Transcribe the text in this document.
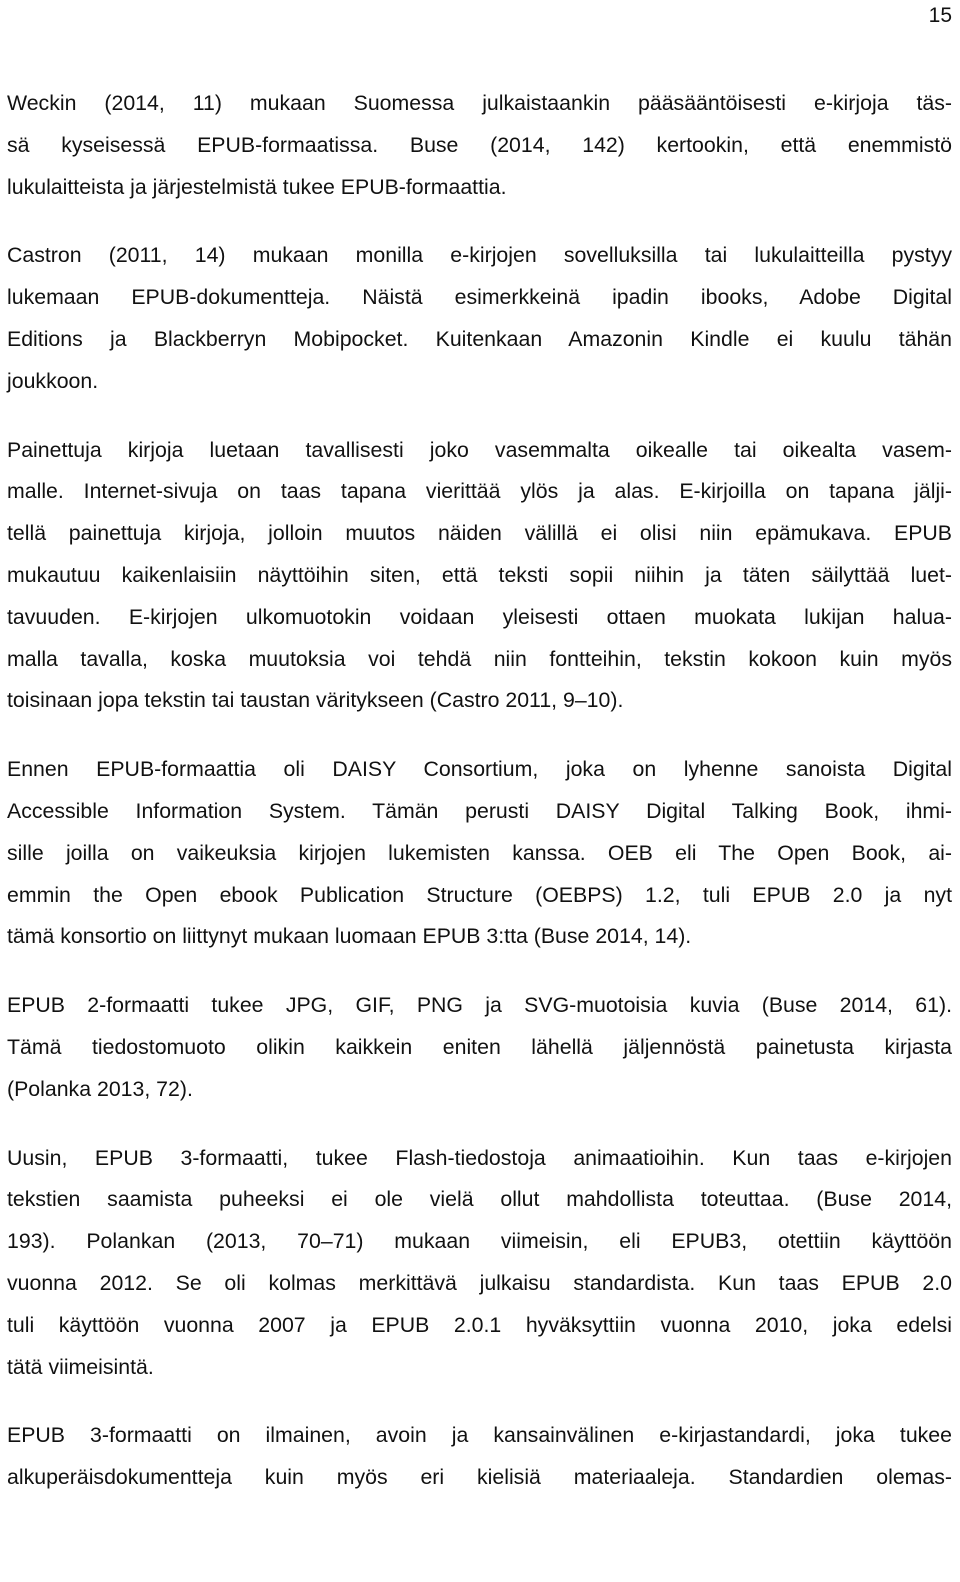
15

Weckin (2014, 11) mukaan Suomessa julkaistaankin pääsääntöisesti e-kirjoja täs-
sä kyseisessä EPUB-formaatissa. Buse (2014, 142) kertookin, että enemmistö
lukulaitteista ja järjestelmistä tukee EPUB-formaattia.

Castron (2011, 14) mukaan monilla e-kirjojen sovelluksilla tai lukulaitteilla pystyy
lukemaan EPUB-dokumentteja. Näistä esimerkkeinä ipadin ibooks, Adobe Digital
Editions ja Blackberryn Mobipocket. Kuitenkaan Amazonin Kindle ei kuulu tähän
joukkoon.

Painettuja kirjoja luetaan tavallisesti joko vasemmalta oikealle tai oikealta vasem-
malle. Internet-sivuja on taas tapana vierittää ylös ja alas. E-kirjoilla on tapana jälji-
tellä painettuja kirjoja, jolloin muutos näiden välillä ei olisi niin epämukava. EPUB
mukautuu kaikenlaisiin näyttöihin siten, että teksti sopii niihin ja täten säilyttää luet-
tavuuden. E-kirjojen ulkomuotokin voidaan yleisesti ottaen muokata lukijan halua-
malla tavalla, koska muutoksia voi tehdä niin fontteihin, tekstin kokoon kuin myös
toisinaan jopa tekstin tai taustan väritykseen (Castro 2011, 9–10).

Ennen EPUB-formaattia oli DAISY Consortium, joka on lyhenne sanoista Digital
Accessible Information System. Tämän perusti DAISY Digital Talking Book, ihmi-
sille joilla on vaikeuksia kirjojen lukemisten kanssa. OEB eli The Open Book, ai-
emmin the Open ebook Publication Structure (OEBPS) 1.2, tuli EPUB 2.0 ja nyt
tämä konsortio on liittynyt mukaan luomaan EPUB 3:tta (Buse 2014, 14).

EPUB 2-formaatti tukee JPG, GIF, PNG ja SVG-muotoisia kuvia (Buse 2014, 61).
Tämä tiedostomuoto olikin kaikkein eniten lähellä jäljennöstä painetusta kirjasta
(Polanka 2013, 72).

Uusin, EPUB 3-formaatti, tukee Flash-tiedostoja animaatioihin. Kun taas e-kirjojen
tekstien saamista puheeksi ei ole vielä ollut mahdollista toteuttaa. (Buse 2014,
193). Polankan (2013, 70–71) mukaan viimeisin, eli EPUB3, otettiin käyttöön
vuonna 2012. Se oli kolmas merkittävä julkaisu standardista. Kun taas EPUB 2.0
tuli käyttöön vuonna 2007 ja EPUB 2.0.1 hyväksyttiin vuonna 2010, joka edelsi
tätä viimeisintä.

EPUB 3-formaatti on ilmainen, avoin ja kansainvälinen e-kirjastandardi, joka tukee
alkuperäisdokumentteja kuin myös eri kielisiä materiaaleja. Standardien olemas-
